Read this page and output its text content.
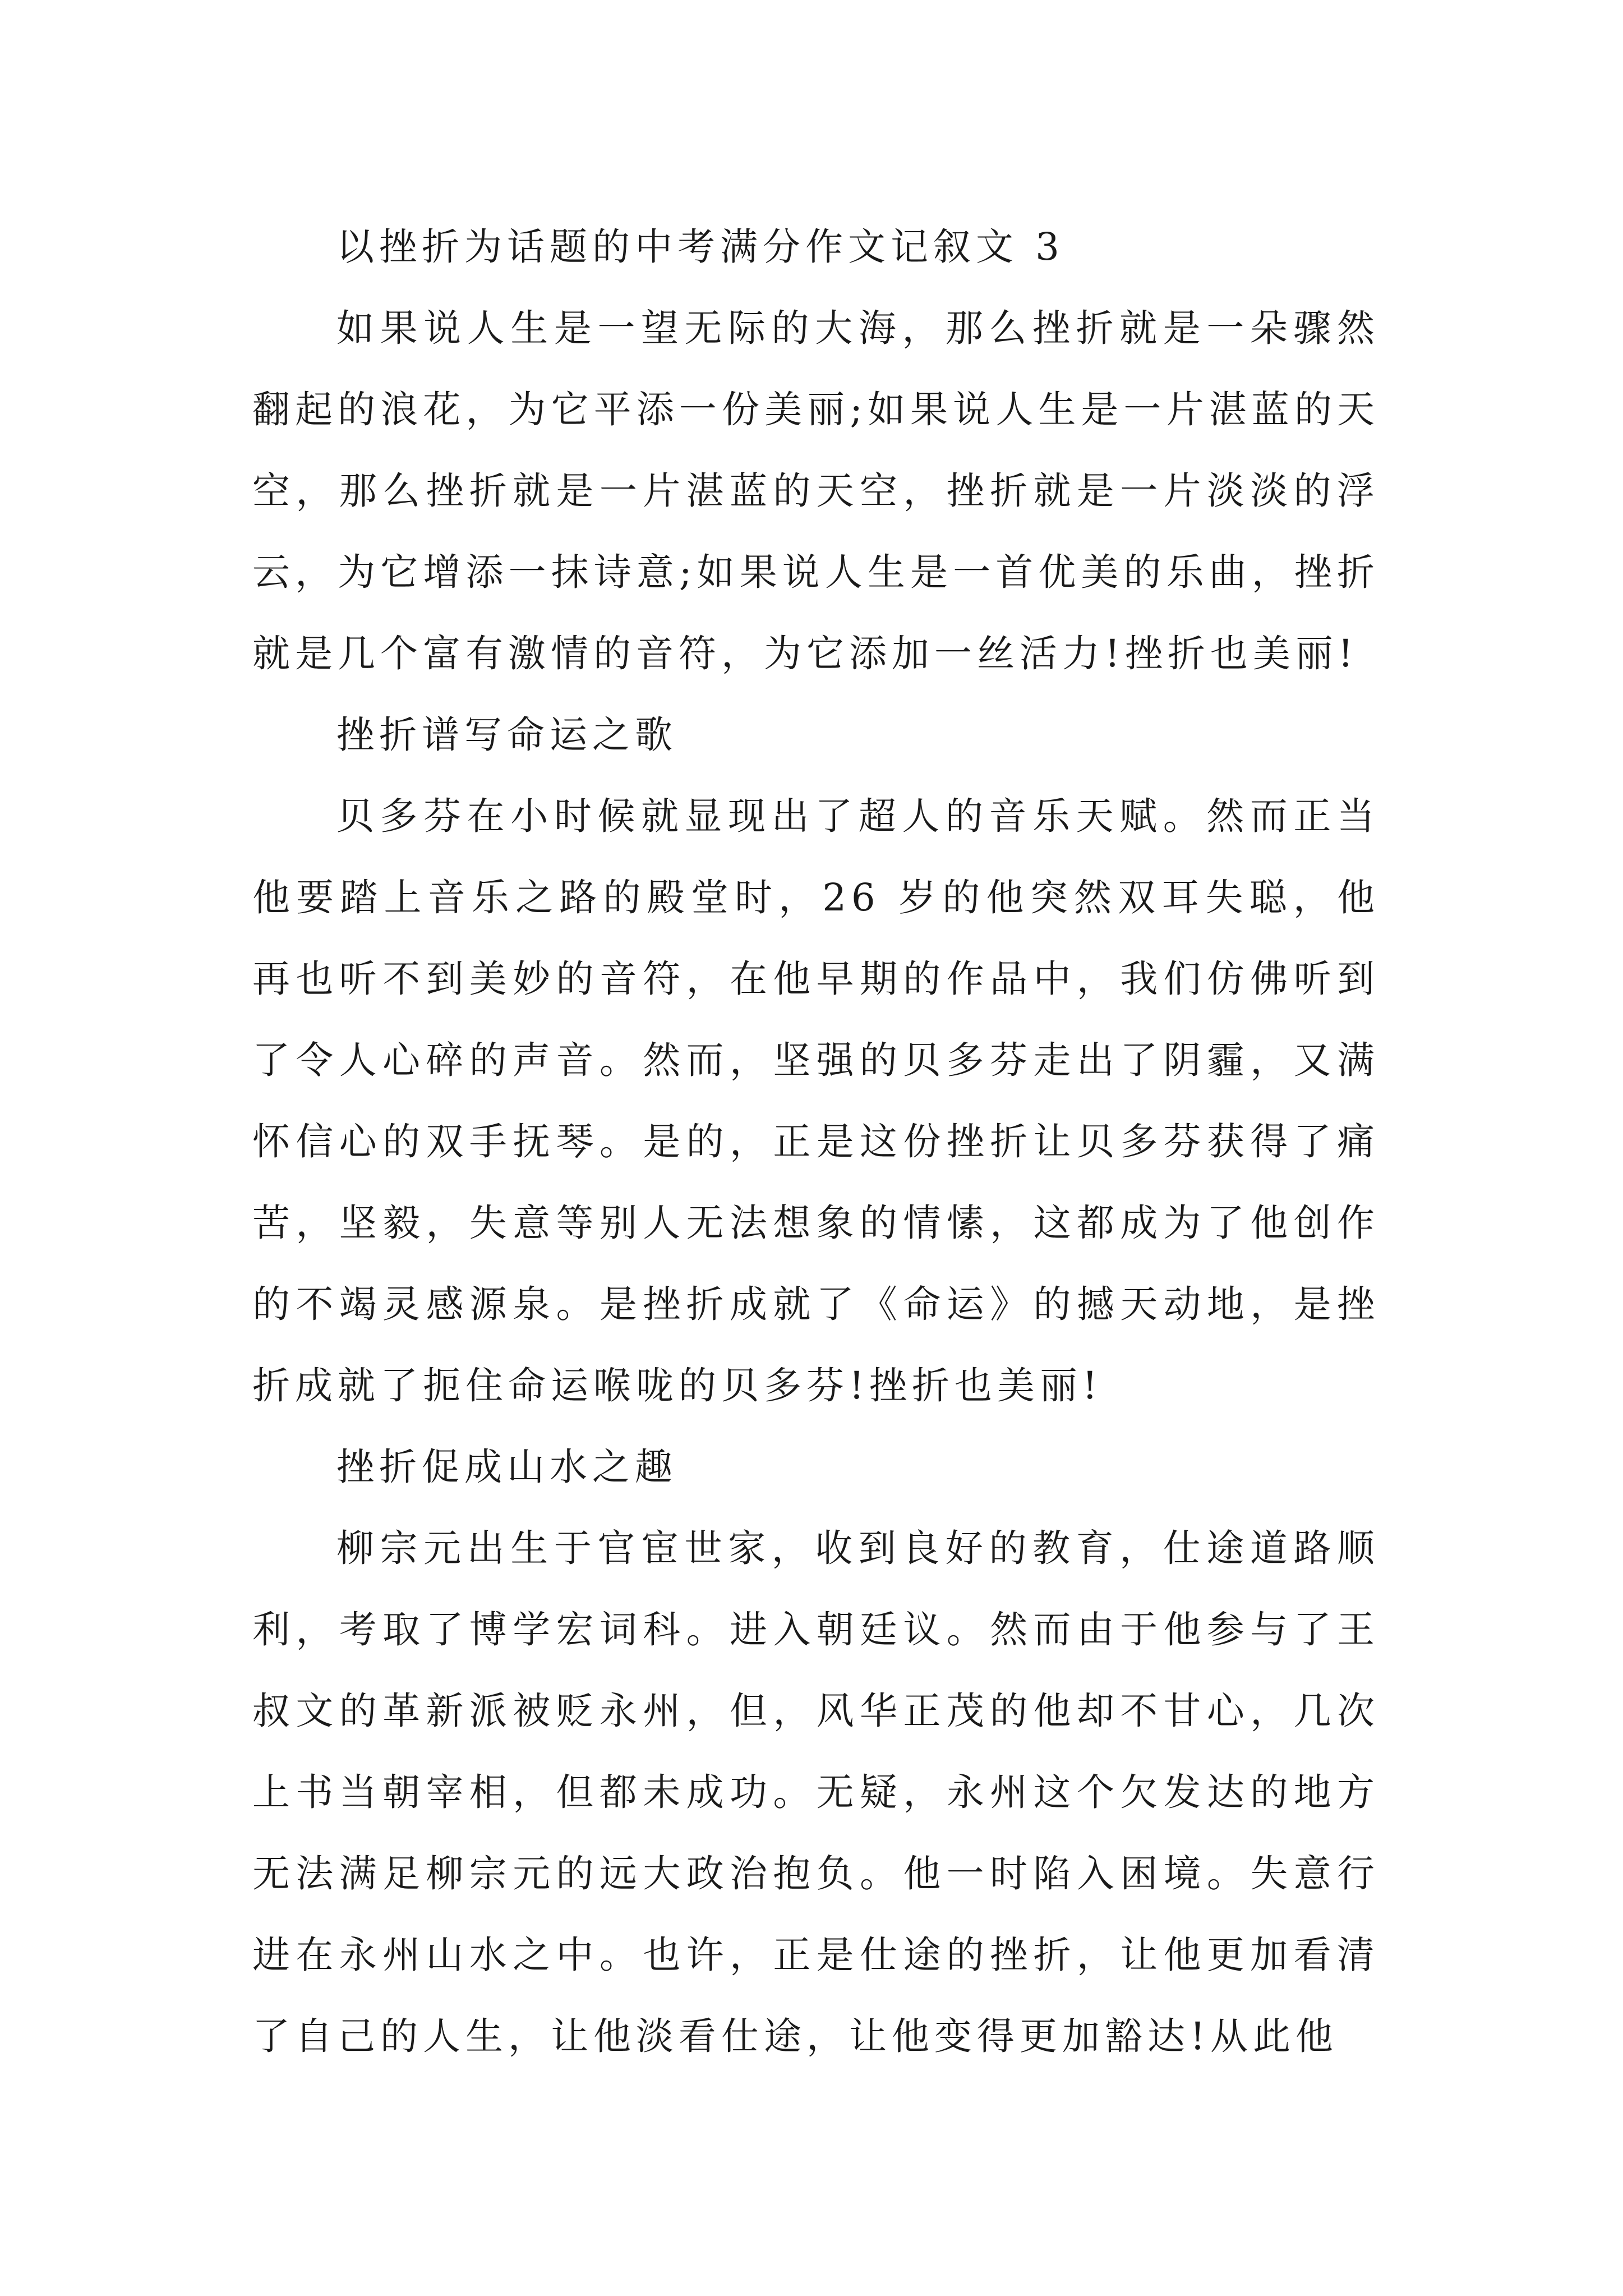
以挫折为话题的中考满分作文记叙文 3

如果说人生是一望无际的大海，那么挫折就是一朵骤然翻起的浪花，为它平添一份美丽;如果说人生是一片湛蓝的天空，那么挫折就是一片湛蓝的天空，挫折就是一片淡淡的浮云，为它增添一抹诗意;如果说人生是一首优美的乐曲，挫折就是几个富有激情的音符，为它添加一丝活力!挫折也美丽!

挫折谱写命运之歌

贝多芬在小时候就显现出了超人的音乐天赋。然而正当他要踏上音乐之路的殿堂时，26 岁的他突然双耳失聪，他再也听不到美妙的音符，在他早期的作品中，我们仿佛听到了令人心碎的声音。然而，坚强的贝多芬走出了阴霾，又满怀信心的双手抚琴。是的，正是这份挫折让贝多芬获得了痛苦，坚毅，失意等别人无法想象的情愫，这都成为了他创作的不竭灵感源泉。是挫折成就了《命运》的撼天动地，是挫折成就了扼住命运喉咙的贝多芬!挫折也美丽!

挫折促成山水之趣

柳宗元出生于官宦世家，收到良好的教育，仕途道路顺利，考取了博学宏词科。进入朝廷议。然而由于他参与了王叔文的革新派被贬永州，但，风华正茂的他却不甘心，几次上书当朝宰相，但都未成功。无疑，永州这个欠发达的地方无法满足柳宗元的远大政治抱负。他一时陷入困境。失意行进在永州山水之中。也许，正是仕途的挫折，让他更加看清了自己的人生，让他淡看仕途，让他变得更加豁达!从此他
